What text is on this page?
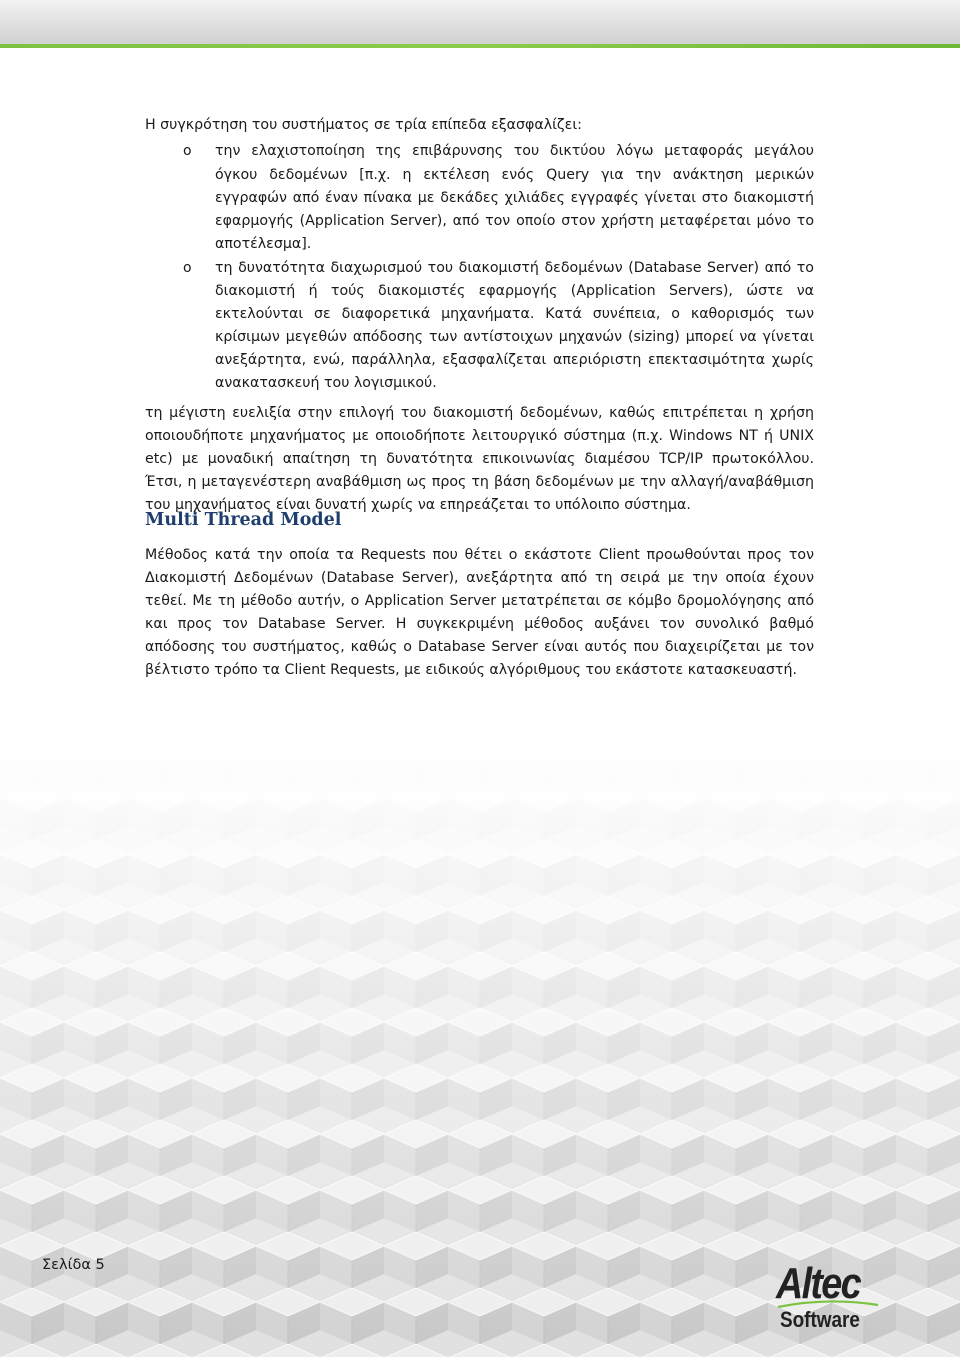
Η συγκρότηση του συστήματος σε τρία επίπεδα εξασφαλίζει:
o την ελαχιστοποίηση της επιβάρυνσης του δικτύου λόγω μεταφοράς μεγάλου
όγκου δεδομένων [π.χ. η εκτέλεση ενός Query για την ανάκτηση μερικών
εγγραφών από έναν πίνακα με δεκάδες χιλιάδες εγγραφές γίνεται στο διακομιστή
εφαρμογής (Application Server), από τον οποίο στον χρήστη μεταφέρεται μόνο το
αποτέλεσμα].
o τη δυνατότητα διαχωρισμού του διακομιστή δεδομένων (Database Server) από το
διακομιστή ή τούς διακομιστές εφαρμογής (Application Servers), ώστε να
εκτελούνται σε διαφορετικά μηχανήματα. Κατά συνέπεια, ο καθορισμός των
κρίσιμων μεγεθών απόδοσης των αντίστοιχων μηχανών (sizing) μπορεί να γίνεται
ανεξάρτητα, ενώ, παράλληλα, εξασφαλίζεται απεριόριστη επεκτασιμότητα χωρίς
ανακατασκευή του λογισμικού.
τη μέγιστη ευελιξία στην επιλογή του διακομιστή δεδομένων, καθώς επιτρέπεται η χρήση
οποιουδήποτε μηχανήματος με οποιοδήποτε λειτουργικό σύστημα (π.χ. Windows NT ή UNIX
etc) με μοναδική απαίτηση τη δυνατότητα επικοινωνίας διαμέσου TCP/IP πρωτοκόλλου.
Έτσι, η μεταγενέστερη αναβάθμιση ως προς τη βάση δεδομένων με την αλλαγή/αναβάθμιση
του μηχανήματος είναι δυνατή χωρίς να επηρεάζεται το υπόλοιπο σύστημα.
Multi Thread Model
Μέθοδος κατά την οποία τα Requests που θέτει ο εκάστοτε Client προωθούνται προς τον
Διακομιστή Δεδομένων (Database Server), ανεξάρτητα από τη σειρά με την οποία έχουν
τεθεί. Με τη μέθοδο αυτήν, ο Application Server μετατρέπεται σε κόμβο δρομολόγησης από
και προς τον Database Server. Η συγκεκριμένη μέθοδος αυξάνει τον συνολικό βαθμό
απόδοσης του συστήματος, καθώς ο Database Server είναι αυτός που διαχειρίζεται με τον
βέλτιστο τρόπο τα Client Requests, με ειδικούς αλγόριθμους του εκάστοτε κατασκευαστή.
Σελίδα 5	Altec
Software
